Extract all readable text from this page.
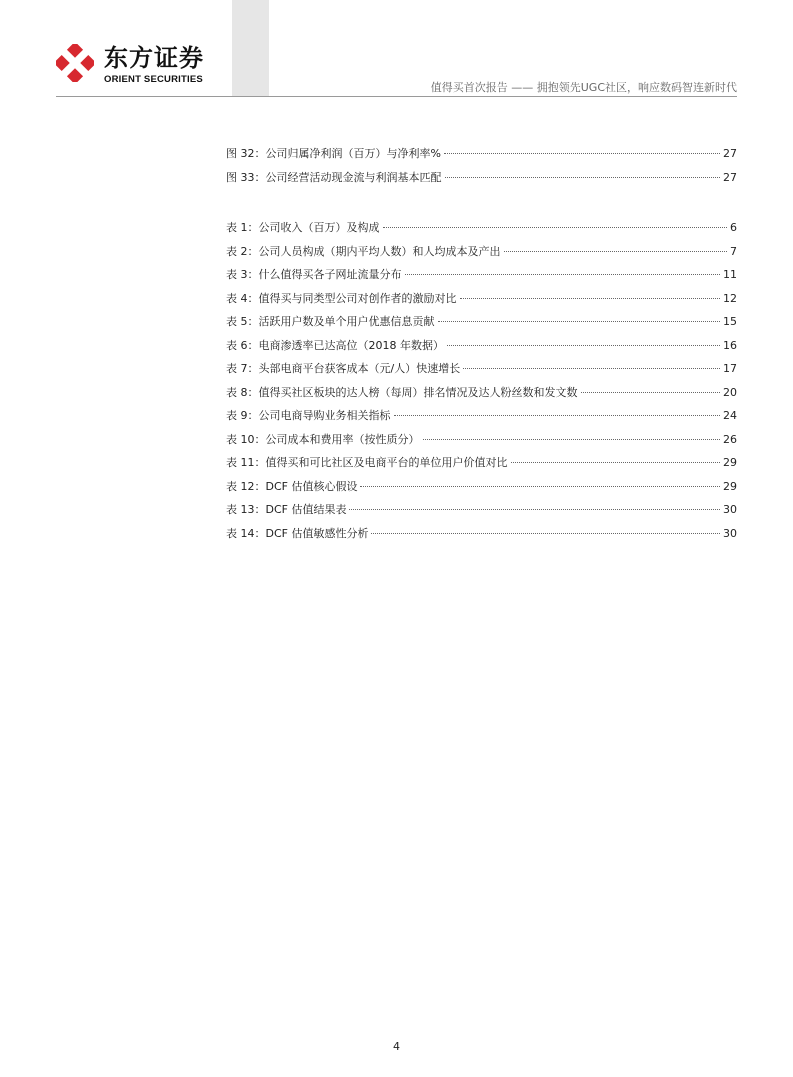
东方证券
ORIENT SECURITIES
值得买首次报告 —— 拥抱领先UGC社区，响应数码智连新时代
图 32：公司归属净利润（百万）与净利率%	27
图 33：公司经营活动现金流与利润基本匹配	27
表 1：公司收入（百万）及构成	6
表 2：公司人员构成（期内平均人数）和人均成本及产出	7
表 3：什么值得买各子网址流量分布	11
表 4：值得买与同类型公司对创作者的激励对比	12
表 5：活跃用户数及单个用户优惠信息贡献	15
表 6：电商渗透率已达高位（2018 年数据）	16
表 7：头部电商平台获客成本（元/人）快速增长	17
表 8：值得买社区板块的达人榜（每周）排名情况及达人粉丝数和发文数	20
表 9：公司电商导购业务相关指标	24
表 10：公司成本和费用率（按性质分）	26
表 11：值得买和可比社区及电商平台的单位用户价值对比	29
表 12：DCF 估值核心假设	29
表 13：DCF 估值结果表	30
表 14：DCF 估值敏感性分析	30
4
